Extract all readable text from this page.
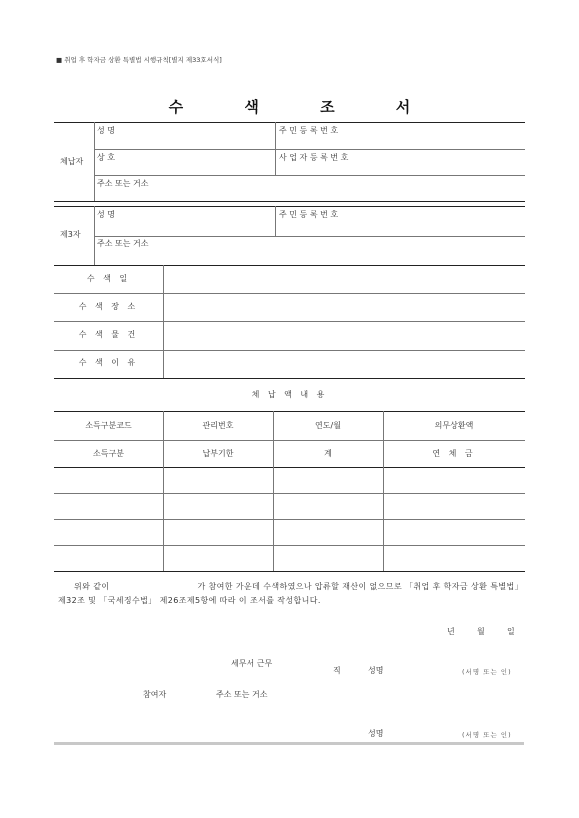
■ 취업 후 학자금 상환 특별법 시행규칙[별지 제33호서식]
수 색 조 서
체납자
성 명	주 민 등 록 번 호
상 호	사 업 자 등 록 번 호
주소 또는 거소
제3자
성 명	주 민 등 록 번 호
주소 또는 거소
수 색 일
수 색 장 소
수 색 물 건
수 색 이 유
체 납 액 내 용
소득구분코드	관리번호	연도/월	의무상환액
소득구분	납부기한	계	연 체 금
위와 같이	가 참여한 가운데 수색하였으나 압류할 재산이 없으므로 「취업 후 학자금 상환 특별법」 제32조 및 「국세징수법」 제26조제5항에 따라 이 조서를 작성합니다.
년	월	일
세무서 근무
직	성명	(서명 또는 인)
참여자	주소 또는 거소
성명	(서명 또는 인)
